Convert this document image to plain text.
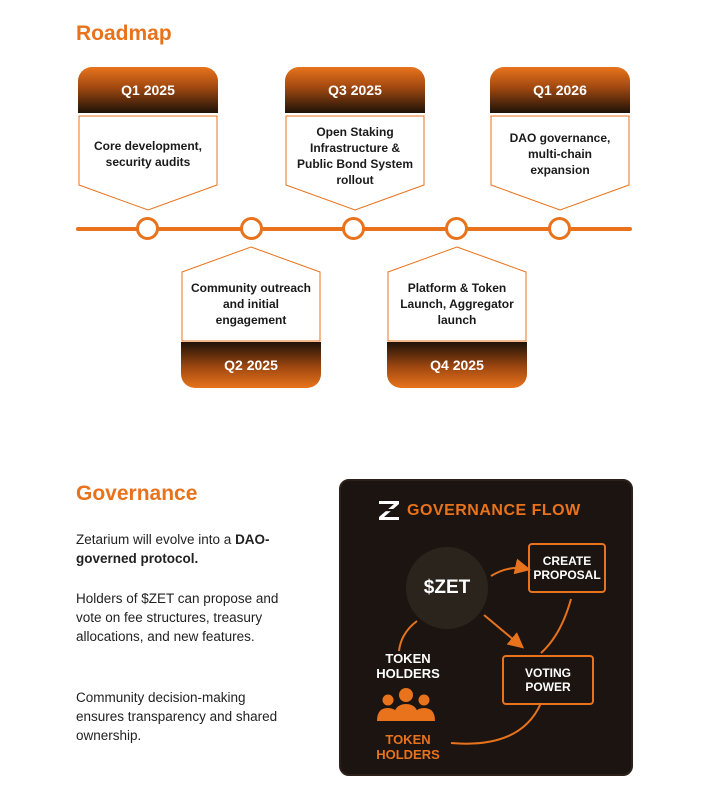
Roadmap
Q1 2025
Core development, security audits
Q3 2025
Open Staking Infrastructure & Public Bond System rollout
Q1 2026
DAO governance, multi-chain expansion
Community outreach and initial engagement
Q2 2025
Platform & Token Launch, Aggregator launch
Q4 2025
Governance
Zetarium will evolve into a DAO-governed protocol.
Holders of $ZET can propose and vote on fee structures, treasury allocations, and new features.
Community decision-making ensures transparency and shared ownership.
GOVERNANCE FLOW
$ZET
CREATE PROPOSAL
VOTING POWER
TOKEN HOLDERS
TOKEN HOLDERS
